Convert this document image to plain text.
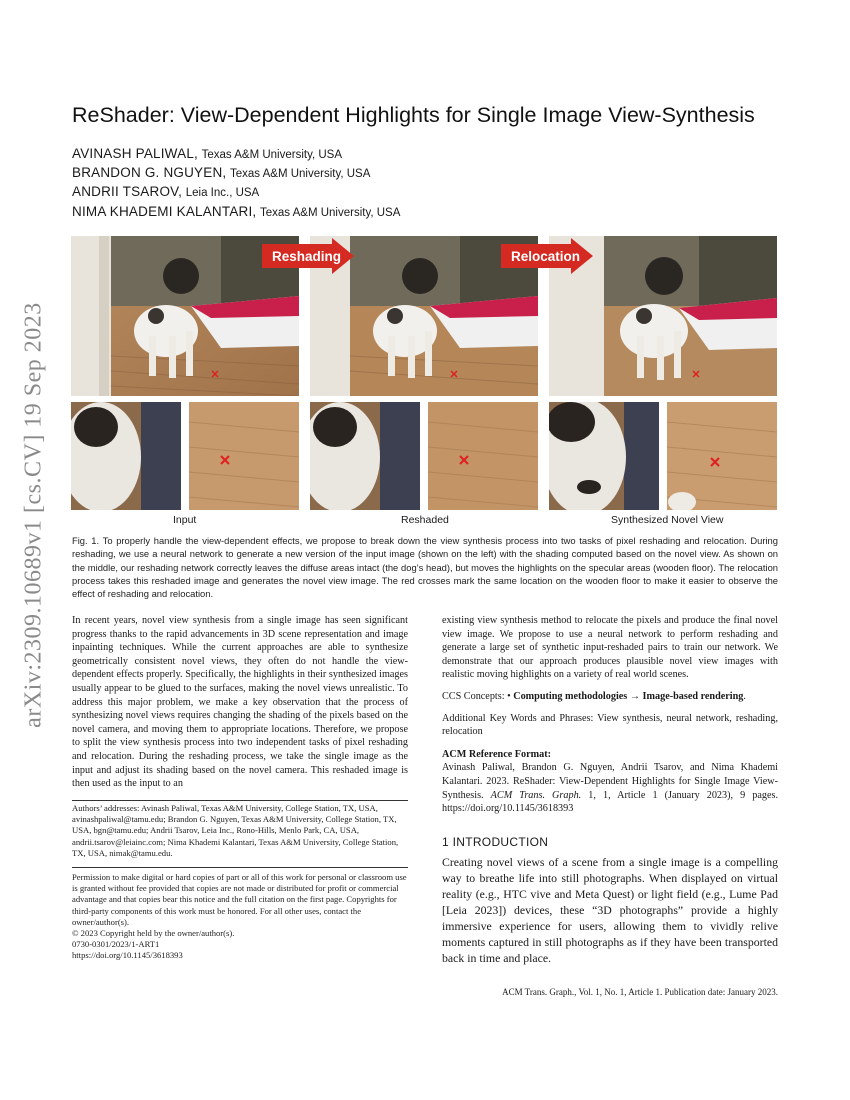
arXiv:2309.10689v1 [cs.CV] 19 Sep 2023
ReShader: View-Dependent Highlights for Single Image View-Synthesis
AVINASH PALIWAL, Texas A&M University, USA
BRANDON G. NGUYEN, Texas A&M University, USA
ANDRII TSAROV, Leia Inc., USA
NIMA KHADEMI KALANTARI, Texas A&M University, USA
Reshading	Relocation
Input	Reshaded	Synthesized Novel View
Fig. 1. To properly handle the view-dependent effects, we propose to break down the view synthesis process into two tasks of pixel reshading and relocation. During reshading, we use a neural network to generate a new version of the input image (shown on the left) with the shading computed based on the novel view. As shown on the middle, our reshading network correctly leaves the diffuse areas intact (the dog’s head), but moves the highlights on the specular areas (wooden floor). The relocation process takes this reshaded image and generates the novel view image. The red crosses mark the same location on the wooden floor to make it easier to observe the effect of reshading and relocation.

In recent years, novel view synthesis from a single image has seen significant progress thanks to the rapid advancements in 3D scene representation and image inpainting techniques. While the current approaches are able to synthesize geometrically consistent novel views, they often do not handle the view-dependent effects properly. Specifically, the highlights in their synthesized images usually appear to be glued to the surfaces, making the novel views unrealistic. To address this major problem, we make a key observation that the process of synthesizing novel views requires changing the shading of the pixels based on the novel camera, and moving them to appropriate locations. Therefore, we propose to split the view synthesis process into two independent tasks of pixel reshading and relocation. During the reshading process, we take the single image as the input and adjust its shading based on the novel camera. This reshaded image is then used as the input to an

Authors’ addresses: Avinash Paliwal, Texas A&M University, College Station, TX, USA, avinashpaliwal@tamu.edu; Brandon G. Nguyen, Texas A&M University, College Station, TX, USA, bgn@tamu.edu; Andrii Tsarov, Leia Inc., Rono-Hills, Menlo Park, CA, USA, andrii.tsarov@leiainc.com; Nima Khademi Kalantari, Texas A&M University, College Station, TX, USA, nimak@tamu.edu.
Permission to make digital or hard copies of part or all of this work for personal or classroom use is granted without fee provided that copies are not made or distributed for profit or commercial advantage and that copies bear this notice and the full citation on the first page. Copyrights for third-party components of this work must be honored. For all other uses, contact the owner/author(s).
© 2023 Copyright held by the owner/author(s).
0730-0301/2023/1-ART1
https://doi.org/10.1145/3618393

existing view synthesis method to relocate the pixels and produce the final novel view image. We propose to use a neural network to perform reshading and generate a large set of synthetic input-reshaded pairs to train our network. We demonstrate that our approach produces plausible novel view images with realistic moving highlights on a variety of real world scenes.

CCS Concepts: • Computing methodologies → Image-based rendering.

Additional Key Words and Phrases: View synthesis, neural network, reshading, relocation

ACM Reference Format:

Avinash Paliwal, Brandon G. Nguyen, Andrii Tsarov, and Nima Khademi Kalantari. 2023. ReShader: View-Dependent Highlights for Single Image View-Synthesis. ACM Trans. Graph. 1, 1, Article 1 (January 2023), 9 pages. https://doi.org/10.1145/3618393

1 INTRODUCTION

Creating novel views of a scene from a single image is a compelling way to breathe life into still photographs. When displayed on virtual reality (e.g., HTC vive and Meta Quest) or light field (e.g., Lume Pad [Leia 2023]) devices, these “3D photographs” provide a highly immersive experience for users, allowing them to vividly relive moments captured in still photographs as if they have been transported back in time and place.

ACM Trans. Graph., Vol. 1, No. 1, Article 1. Publication date: January 2023.
